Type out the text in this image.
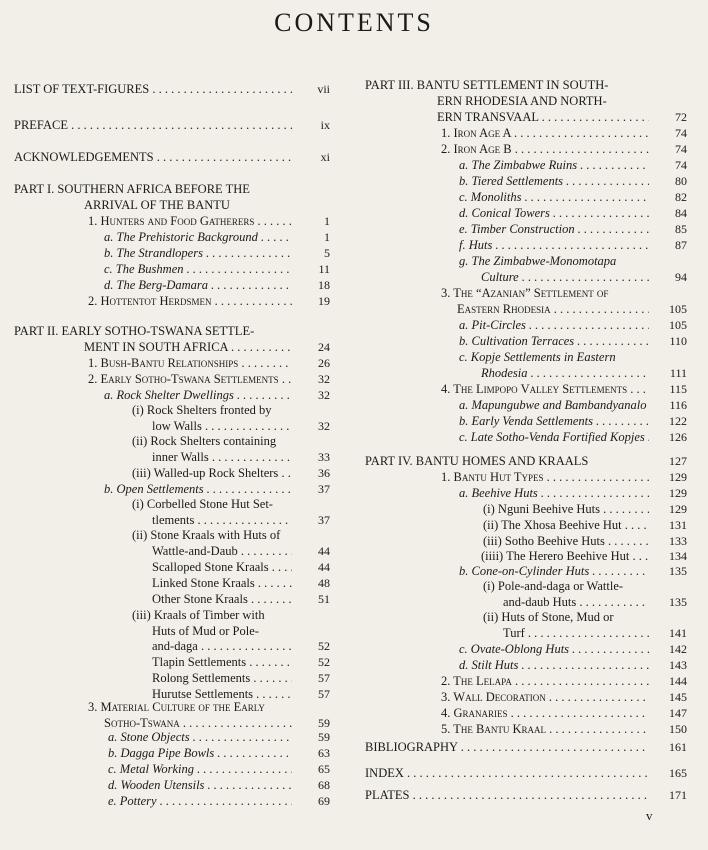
CONTENTS
LIST OF TEXT-FIGURES . . .	vii
PREFACE . . .	ix
ACKNOWLEDGEMENTS . . .	xi
PART I. SOUTHERN AFRICA BEFORE THE
ARRIVAL OF THE BANTU
1. Hunters and Food Gatherers . . .	1
a. The Prehistoric Background . . .	1
b. The Strandlopers . . .	5
c. The Bushmen . . .	11
d. The Berg-Damara . . .	18
2. Hottentot Herdsmen . . .	19
PART II. EARLY SOTHO-TSWANA SETTLE-
MENT IN SOUTH AFRICA . . .	24
1. Bush-Bantu Relationships . . .	26
2. Early Sotho-Tswana Settlements . . .	32
a. Rock Shelter Dwellings . . .	32
(i) Rock Shelters fronted by
low Walls . . .	32
(ii) Rock Shelters containing
inner Walls . . .	33
(iii) Walled-up Rock Shelters . . .	36
b. Open Settlements . . .	37
(i) Corbelled Stone Hut Set-
tlements . . .	37
(ii) Stone Kraals with Huts of
Wattle-and-Daub . . .	44
Scalloped Stone Kraals . . .	44
Linked Stone Kraals . . .	48
Other Stone Kraals . . .	51
(iii) Kraals of Timber with
Huts of Mud or Pole-
and-daga . . .	52
Tlapin Settlements . . .	52
Rolong Settlements . . .	57
Hurutse Settlements . . .	57
3. Material Culture of the Early
Sotho-Tswana . . .	59
a. Stone Objects . . .	59
b. Dagga Pipe Bowls . . .	63
c. Metal Working . . .	65
d. Wooden Utensils . . .	68
e. Pottery . . .	69
PART III. BANTU SETTLEMENT IN SOUTH-
ERN RHODESIA AND NORTH-
ERN TRANSVAAL . . .	72
1. Iron Age A . . .	74
2. Iron Age B . . .	74
a. The Zimbabwe Ruins . . .	74
b. Tiered Settlements . . .	80
c. Monoliths . . .	82
d. Conical Towers . . .	84
e. Timber Construction . . .	85
f. Huts . . .	87
g. The Zimbabwe-Monomotapa
Culture . . .	94
3. The “Azanian” Settlement of
Eastern Rhodesia . . .	105
a. Pit-Circles . . .	105
b. Cultivation Terraces . . .	110
c. Kopje Settlements in Eastern
Rhodesia . . .	111
4. The Limpopo Valley Settlements . . .	115
a. Mapungubwe and Bambandyanalo . . .	116
b. Early Venda Settlements . . .	122
c. Late Sotho-Venda Fortified Kopjes . . .	126
PART IV. BANTU HOMES AND KRAALS	127
1. Bantu Hut Types . . .	129
a. Beehive Huts . . .	129
(i) Nguni Beehive Huts . . .	129
(ii) The Xhosa Beehive Hut . . .	131
(iii) Sotho Beehive Huts . . .	133
(iiii) The Herero Beehive Hut . . .	134
b. Cone-on-Cylinder Huts . . .	135
(i) Pole-and-daga or Wattle-
and-daub Huts . . .	135
(ii) Huts of Stone, Mud or
Turf . . .	141
c. Ovate-Oblong Huts . . .	142
d. Stilt Huts . . .	143
2. The Lelapa . . .	144
3. Wall Decoration . . .	145
4. Granaries . . .	147
5. The Bantu Kraal . . .	150
BIBLIOGRAPHY . . .	161
INDEX . . .	165
PLATES . . .	171
v
